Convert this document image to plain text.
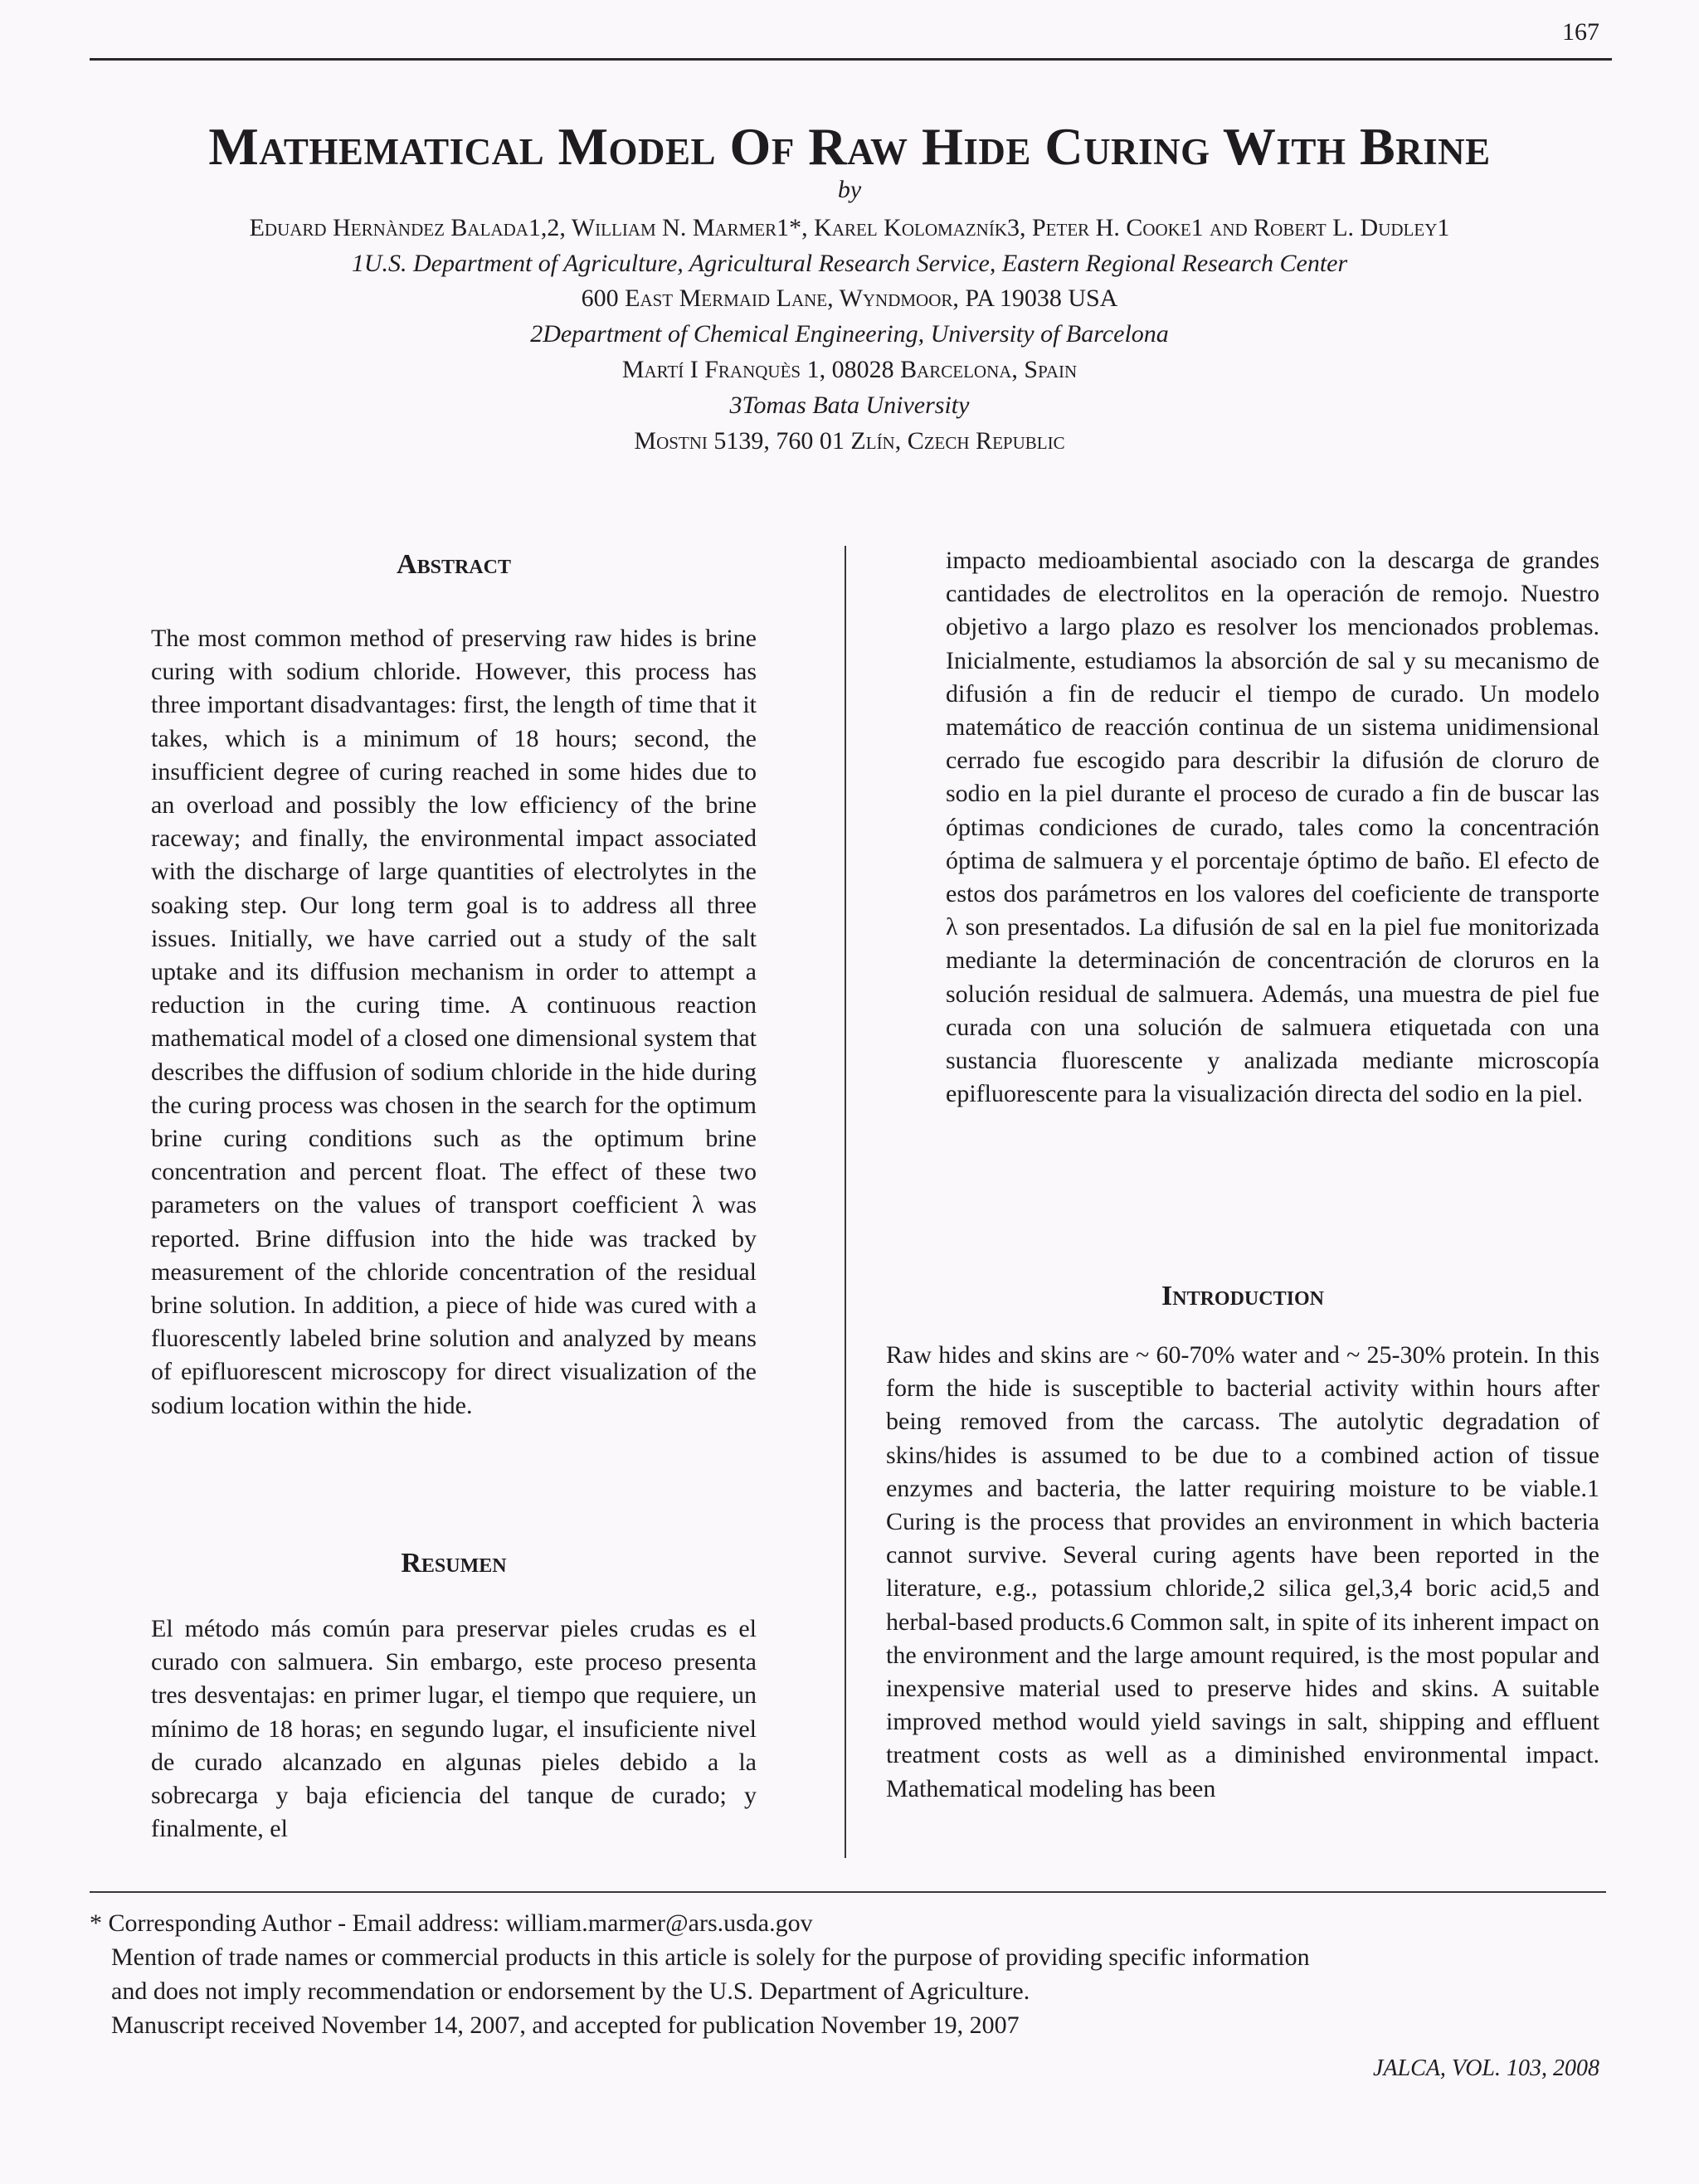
167
Mathematical Model Of Raw Hide Curing With Brine
by
Eduard Hernàndez Balada1,2, William N. Marmer1*, Karel Kolomazník3, Peter H. Cooke1 and Robert L. Dudley1
1U.S. Department of Agriculture, Agricultural Research Service, Eastern Regional Research Center
600 East Mermaid Lane, Wyndmoor, PA 19038 USA
2Department of Chemical Engineering, University of Barcelona
Martí I Franquès 1, 08028 Barcelona, Spain
3Tomas Bata University
Mostni 5139, 760 01 Zlín, Czech Republic
Abstract
The most common method of preserving raw hides is brine curing with sodium chloride. However, this process has three important disadvantages: first, the length of time that it takes, which is a minimum of 18 hours; second, the insufficient degree of curing reached in some hides due to an overload and possibly the low efficiency of the brine raceway; and finally, the environmental impact associated with the discharge of large quantities of electrolytes in the soaking step. Our long term goal is to address all three issues. Initially, we have carried out a study of the salt uptake and its diffusion mechanism in order to attempt a reduction in the curing time. A continuous reaction mathematical model of a closed one dimensional system that describes the diffusion of sodium chloride in the hide during the curing process was chosen in the search for the optimum brine curing conditions such as the optimum brine concentration and percent float. The effect of these two parameters on the values of transport coefficient λ was reported. Brine diffusion into the hide was tracked by measurement of the chloride concentration of the residual brine solution. In addition, a piece of hide was cured with a fluorescently labeled brine solution and analyzed by means of epifluorescent microscopy for direct visualization of the sodium location within the hide.
Resumen
El método más común para preservar pieles crudas es el curado con salmuera. Sin embargo, este proceso presenta tres desventajas: en primer lugar, el tiempo que requiere, un mínimo de 18 horas; en segundo lugar, el insuficiente nivel de curado alcanzado en algunas pieles debido a la sobrecarga y baja eficiencia del tanque de curado; y finalmente, el
impacto medioambiental asociado con la descarga de grandes cantidades de electrolitos en la operación de remojo. Nuestro objetivo a largo plazo es resolver los mencionados problemas. Inicialmente, estudiamos la absorción de sal y su mecanismo de difusión a fin de reducir el tiempo de curado. Un modelo matemático de reacción continua de un sistema unidimensional cerrado fue escogido para describir la difusión de cloruro de sodio en la piel durante el proceso de curado a fin de buscar las óptimas condiciones de curado, tales como la concentración óptima de salmuera y el porcentaje óptimo de baño. El efecto de estos dos parámetros en los valores del coeficiente de transporte λ son presentados. La difusión de sal en la piel fue monitorizada mediante la determinación de concentración de cloruros en la solución residual de salmuera. Además, una muestra de piel fue curada con una solución de salmuera etiquetada con una sustancia fluorescente y analizada mediante microscopía epifluorescente para la visualización directa del sodio en la piel.
Introduction
Raw hides and skins are ~ 60-70% water and ~ 25-30% protein. In this form the hide is susceptible to bacterial activity within hours after being removed from the carcass. The autolytic degradation of skins/hides is assumed to be due to a combined action of tissue enzymes and bacteria, the latter requiring moisture to be viable.1 Curing is the process that provides an environment in which bacteria cannot survive. Several curing agents have been reported in the literature, e.g., potassium chloride,2 silica gel,3,4 boric acid,5 and herbal-based products.6 Common salt, in spite of its inherent impact on the environment and the large amount required, is the most popular and inexpensive material used to preserve hides and skins. A suitable improved method would yield savings in salt, shipping and effluent treatment costs as well as a diminished environmental impact. Mathematical modeling has been
* Corresponding Author - Email address: william.marmer@ars.usda.gov
Mention of trade names or commercial products in this article is solely for the purpose of providing specific information
and does not imply recommendation or endorsement by the U.S. Department of Agriculture.
Manuscript received November 14, 2007, and accepted for publication November 19, 2007
JALCA, VOL. 103, 2008
